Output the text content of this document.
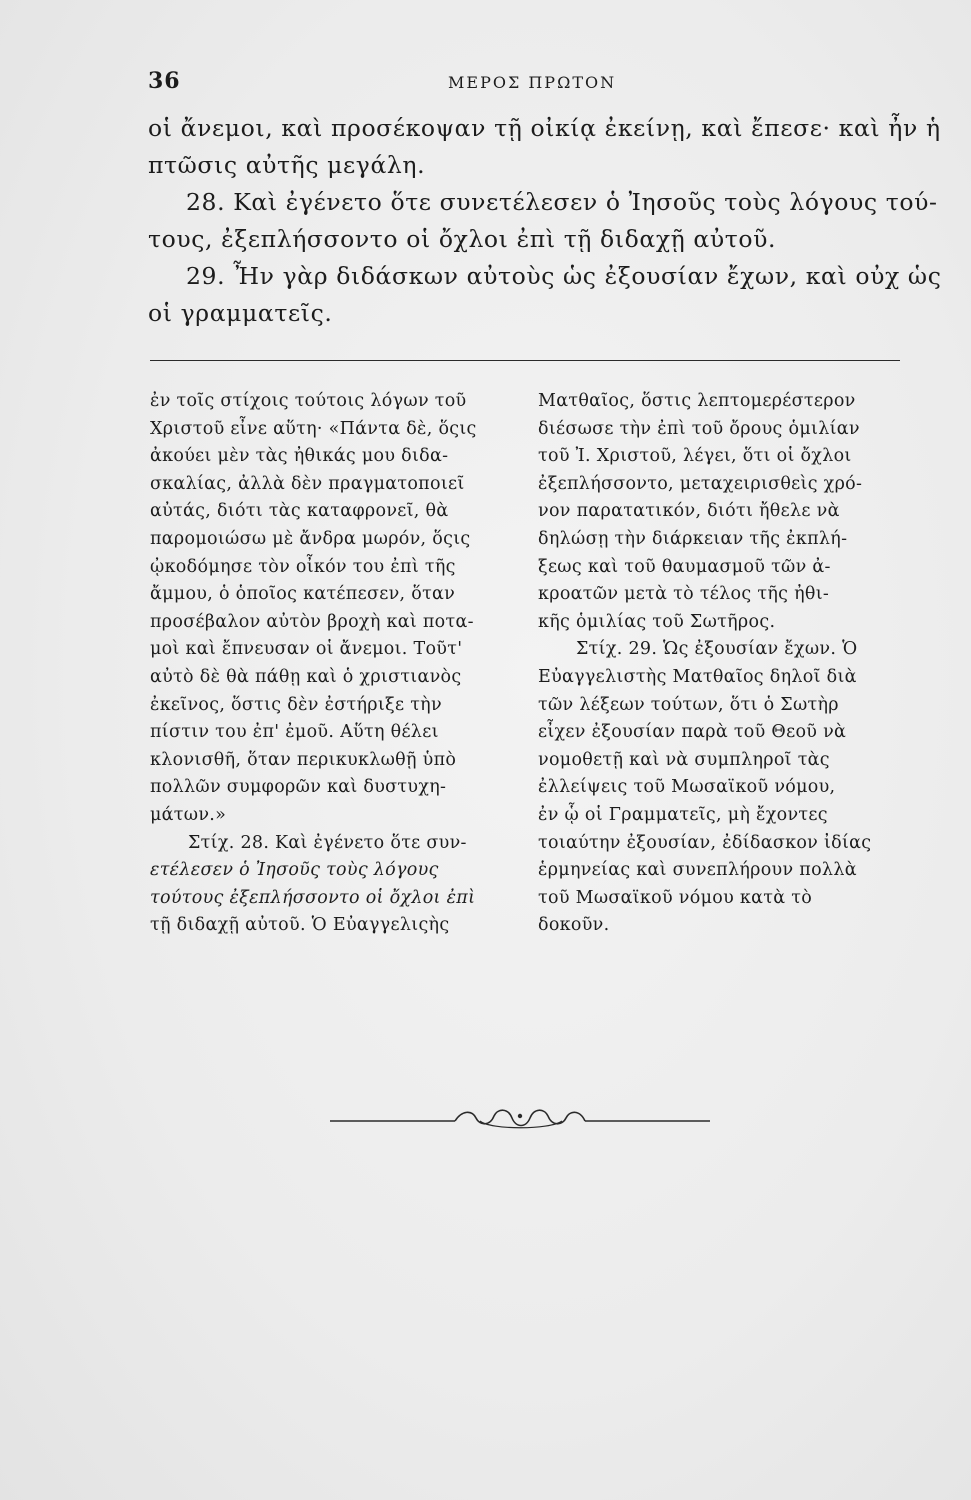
36	ΜΕΡΟΣ ΠΡΩΤΟΝ
οἱ ἄνεμοι, καὶ προσέκοψαν τῇ οἰκίᾳ ἐκείνῃ, καὶ ἔπεσε· καὶ ἦν ἡ
πτῶσις αὐτῆς μεγάλη.
28. Καὶ ἐγένετο ὅτε συνετέλεσεν ὁ Ἰησοῦς τοὺς λόγους τού-
τους, ἐξεπλήσσοντο οἱ ὄχλοι ἐπὶ τῇ διδαχῇ αὐτοῦ.
29. Ἦν γὰρ διδάσκων αὐτοὺς ὡς ἐξουσίαν ἔχων, καὶ οὐχ ὡς
οἱ γραμματεῖς.
ἐν τοῖς στίχοις τούτοις λόγων τοῦ
Χριστοῦ εἶνε αὕτη· «Πάντα δὲ, ὅςις
ἀκούει μὲν τὰς ἠθικάς μου διδα-
σκαλίας, ἀλλὰ δὲν πραγματοποιεῖ
αὐτάς, διότι τὰς καταφρονεῖ, θὰ
παρομοιώσω μὲ ἄνδρα μωρόν, ὅςις
ᾠκοδόμησε τὸν οἶκόν του ἐπὶ τῆς
ἄμμου, ὁ ὁποῖος κατέπεσεν, ὅταν
προσέβαλον αὐτὸν βροχὴ καὶ ποτα-
μοὶ καὶ ἔπνευσαν οἱ ἄνεμοι. Τοῦτ'
αὐτὸ δὲ θὰ πάθῃ καὶ ὁ χριστιανὸς
ἐκεῖνος, ὅστις δὲν ἐστήριξε τὴν
πίστιν του ἐπ' ἐμοῦ. Αὕτη θέλει
κλονισθῆ, ὅταν περικυκλωθῇ ὑπὸ
πολλῶν συμφορῶν καὶ δυστυχη-
μάτων.»
Στίχ. 28. Καὶ ἐγένετο ὅτε συν-
ετέλεσεν ὁ Ἰησοῦς τοὺς λόγους
τούτους ἐξεπλήσσοντο οἱ ὄχλοι ἐπὶ
τῇ διδαχῇ αὐτοῦ. Ὁ Εὐαγγελιςὴς
Ματθαῖος, ὅστις λεπτομερέστερον
διέσωσε τὴν ἐπὶ τοῦ ὄρους ὁμιλίαν
τοῦ Ἰ. Χριστοῦ, λέγει, ὅτι οἱ ὄχλοι
ἐξεπλήσσοντο, μεταχειρισθεὶς χρό-
νον παρατατικόν, διότι ἤθελε νὰ
δηλώσῃ τὴν διάρκειαν τῆς ἐκπλή-
ξεως καὶ τοῦ θαυμασμοῦ τῶν ἀ-
κροατῶν μετὰ τὸ τέλος τῆς ἠθι-
κῆς ὁμιλίας τοῦ Σωτῆρος.
Στίχ. 29. Ὡς ἐξουσίαν ἔχων. Ὁ
Εὐαγγελιστὴς Ματθαῖος δηλοῖ διὰ
τῶν λέξεων τούτων, ὅτι ὁ Σωτὴρ
εἶχεν ἐξουσίαν παρὰ τοῦ Θεοῦ νὰ
νομοθετῇ καὶ νὰ συμπληροῖ τὰς
ἐλλείψεις τοῦ Μωσαϊκοῦ νόμου,
ἐν ᾧ οἱ Γραμματεῖς, μὴ ἔχοντες
τοιαύτην ἐξουσίαν, ἐδίδασκον ἰδίας
ἑρμηνείας καὶ συνεπλήρουν πολλὰ
τοῦ Μωσαϊκοῦ νόμου κατὰ τὸ
δοκοῦν.
